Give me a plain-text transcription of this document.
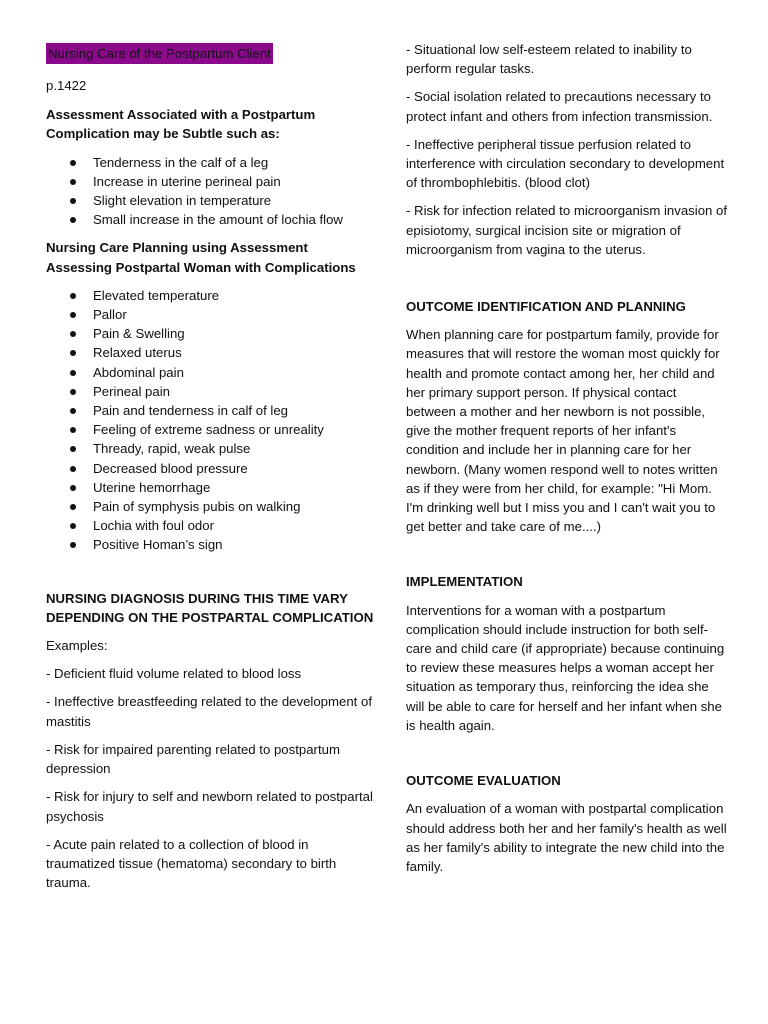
Nursing Care of the Postpartum Client
p.1422
Assessment Associated with a Postpartum Complication may be Subtle such as:
Tenderness in the calf of a leg
Increase in uterine perineal pain
Slight elevation in temperature
Small increase in the amount of lochia flow
Nursing Care Planning using Assessment Assessing Postpartal Woman with Complications
Elevated temperature
Pallor
Pain & Swelling
Relaxed uterus
Abdominal pain
Perineal pain
Pain and tenderness in calf of leg
Feeling of extreme sadness or unreality
Thready, rapid, weak pulse
Decreased blood pressure
Uterine hemorrhage
Pain of symphysis pubis on walking
Lochia with foul odor
Positive Homan’s sign
NURSING DIAGNOSIS DURING THIS TIME VARY DEPENDING ON THE POSTPARTAL COMPLICATION
Examples:
- Deficient fluid volume related to blood loss
- Ineffective breastfeeding related to the development of mastitis
- Risk for impaired parenting related to postpartum depression
- Risk for injury to self and newborn related to postpartal psychosis
- Acute pain related to a collection of blood in traumatized tissue (hematoma) secondary to birth trauma.
- Situational low self-esteem related to inability to perform regular tasks.
- Social isolation related to precautions necessary to protect infant and others from infection transmission.
- Ineffective peripheral tissue perfusion related to interference with circulation secondary to development of thrombophlebitis. (blood clot)
- Risk for infection related to microorganism invasion of episiotomy, surgical incision site or migration of microorganism from vagina to the uterus.
OUTCOME IDENTIFICATION AND PLANNING
When planning care for postpartum family, provide for measures that will restore the woman most quickly for health and promote contact among her, her child and her primary support person. If physical contact between a mother and her newborn is not possible, give the mother frequent reports of her infant's condition and include her in planning care for her newborn. (Many women respond well to notes written as if they were from her child, for example: "Hi Mom. I'm drinking well but I miss you and I can't wait you to get better and take care of me....)
IMPLEMENTATION
Interventions for a woman with a postpartum complication should include instruction for both self-care and child care (if appropriate) because continuing to review these measures helps a woman accept her situation as temporary thus, reinforcing the idea she will be able to care for herself and her infant when she is health again.
OUTCOME EVALUATION
An evaluation of a woman with postpartal complication should address both her and her family's health as well as her family's ability to integrate the new child into the family.
